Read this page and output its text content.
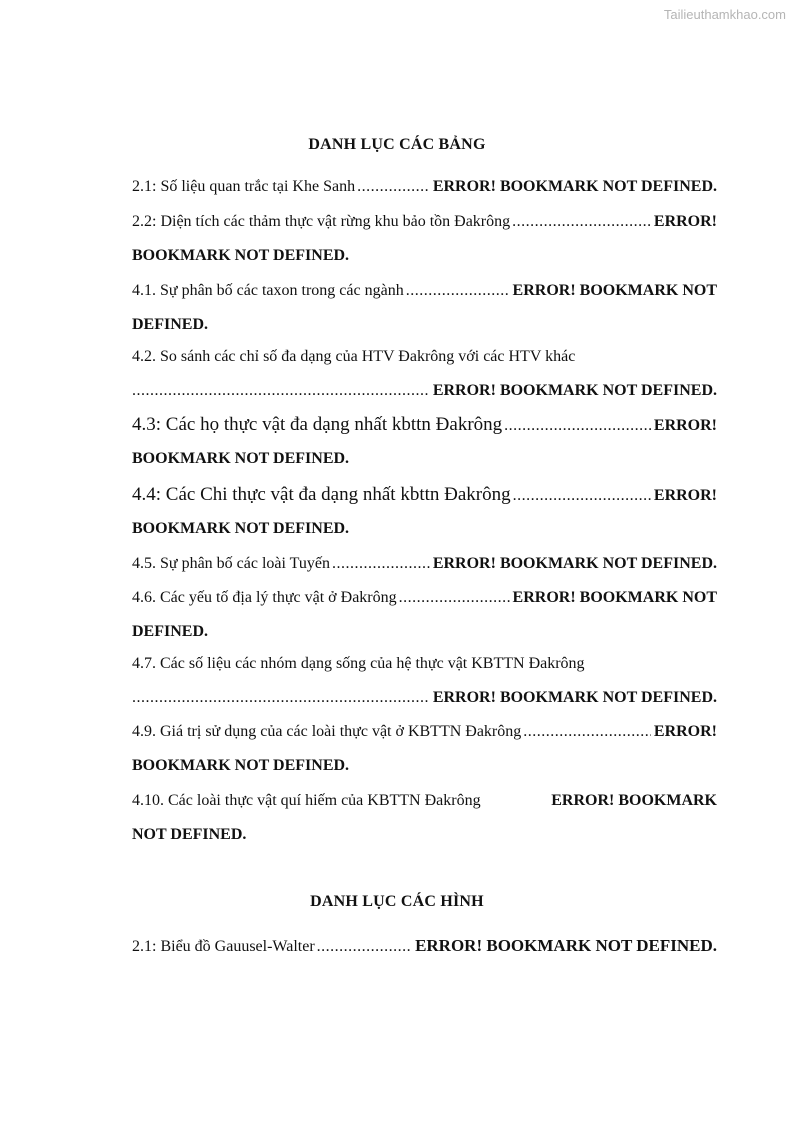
Tailieuthamkhao.com
DANH LỤC CÁC BẢNG
2.1: Số liệu quan trắc tại Khe Sanh .....	ERROR! BOOKMARK NOT DEFINED.
2.2: Diện tích các thảm thực vật rừng khu bảo tồn Đakrông .....	ERROR!
BOOKMARK NOT DEFINED.
4.1. Sự phân bố các taxon trong các ngành .....	ERROR! BOOKMARK NOT
DEFINED.
4.2. So sánh các chỉ số đa dạng của HTV Đakrông với các HTV khác
.....
ERROR! BOOKMARK NOT DEFINED.
4.3: Các họ thực vật đa dạng nhất kbttn Đakrông .....	ERROR!
BOOKMARK NOT DEFINED.
4.4: Các Chi thực vật đa dạng nhất kbttn Đakrông .....	ERROR!
BOOKMARK NOT DEFINED.
4.5. Sự phân bố các loài Tuyến .....	ERROR! BOOKMARK NOT DEFINED.
4.6. Các yếu tố địa lý thực vật ở Đakrông .....	ERROR! BOOKMARK NOT
DEFINED.
4.7. Các số liệu các nhóm dạng sống của hệ thực vật KBTTN Đakrông
.....
ERROR! BOOKMARK NOT DEFINED.
4.9. Giá trị sử dụng của các loài thực vật ở KBTTN Đakrông .....	ERROR!
BOOKMARK NOT DEFINED.
4.10. Các loài thực vật quí hiếm của KBTTN Đakrông	ERROR! BOOKMARK
NOT DEFINED.
DANH LỤC CÁC HÌNH
2.1: Biểu đồ Gauusel-Walter .....	ERROR! BOOKMARK NOT DEFINED.
